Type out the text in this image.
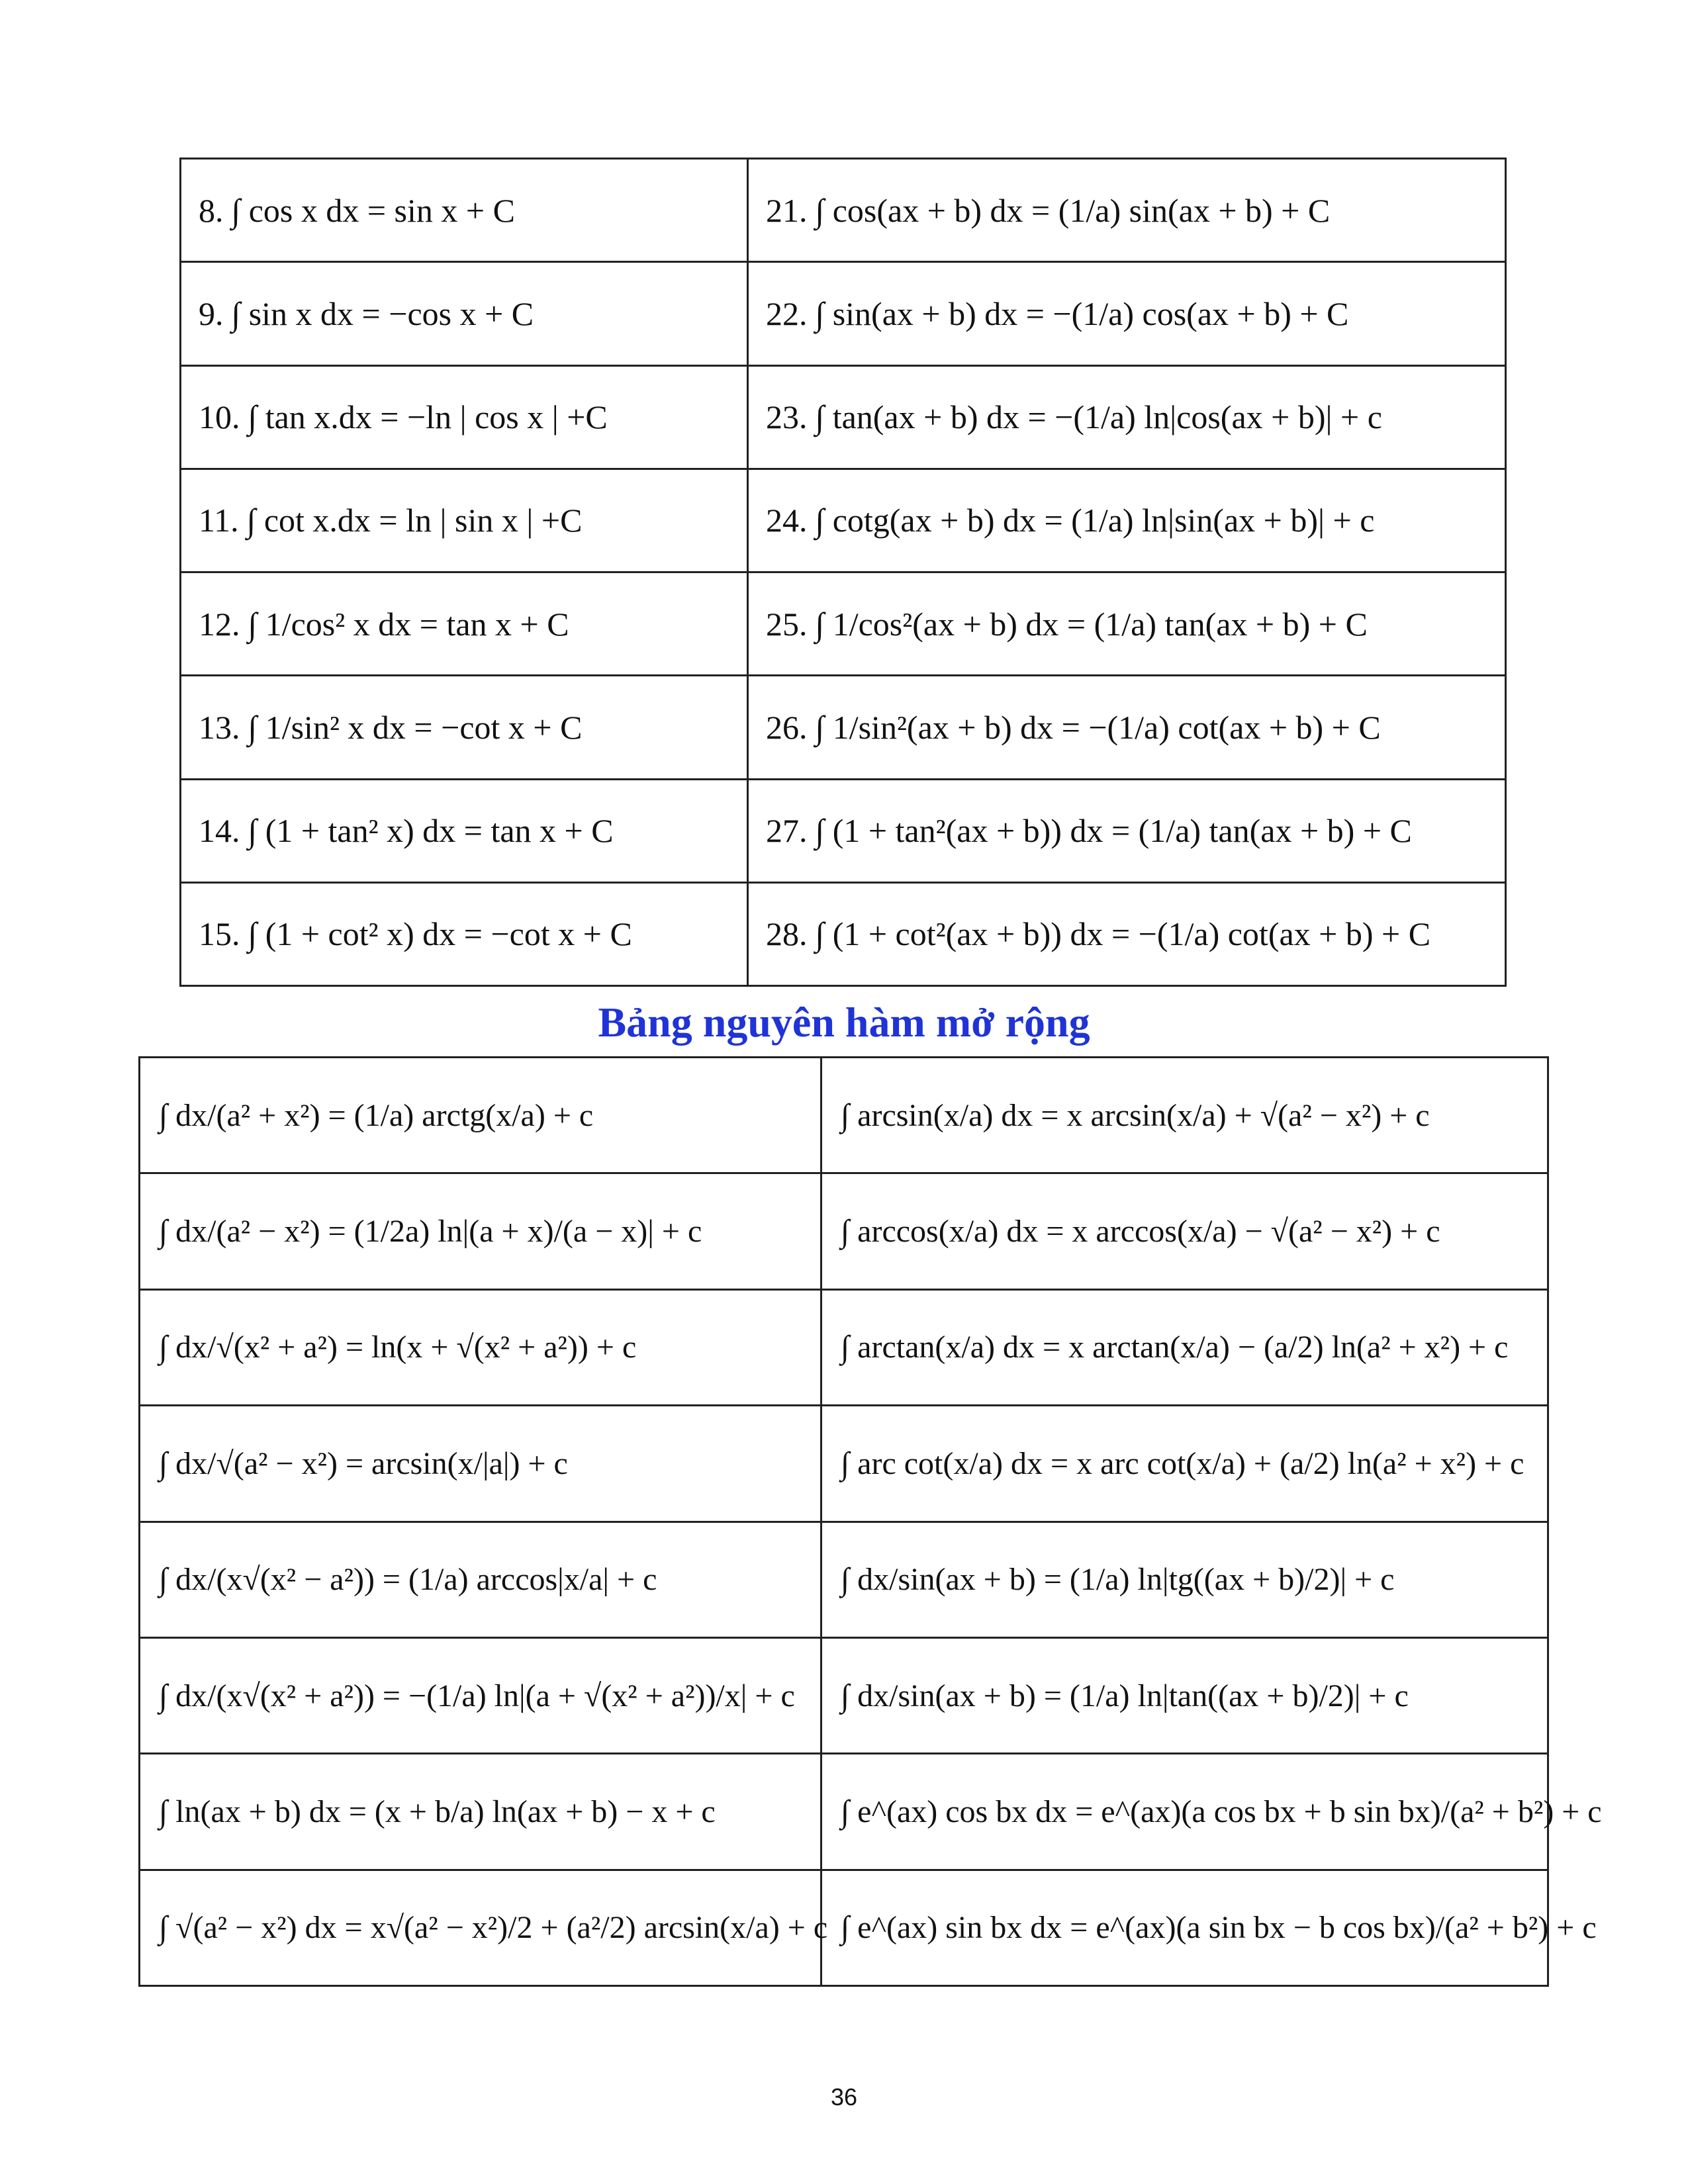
8. ∫ cos x dx = sin x + C	21. ∫ cos(ax + b) dx = (1/a) sin(ax + b) + C
9. ∫ sin x dx = −cos x + C	22. ∫ sin(ax + b) dx = −(1/a) cos(ax + b) + C
10. ∫ tan x.dx = −ln | cos x | +C	23. ∫ tan(ax + b) dx = −(1/a) ln|cos(ax + b)| + c
11. ∫ cot x.dx = ln | sin x | +C	24. ∫ cotg(ax + b) dx = (1/a) ln|sin(ax + b)| + c
12. ∫ 1/cos² x dx = tan x + C	25. ∫ 1/cos²(ax + b) dx = (1/a) tan(ax + b) + C
13. ∫ 1/sin² x dx = −cot x + C	26. ∫ 1/sin²(ax + b) dx = −(1/a) cot(ax + b) + C
14. ∫ (1 + tan² x) dx = tan x + C	27. ∫ (1 + tan²(ax + b)) dx = (1/a) tan(ax + b) + C
15. ∫ (1 + cot² x) dx = −cot x + C	28. ∫ (1 + cot²(ax + b)) dx = −(1/a) cot(ax + b) + C
Bảng nguyên hàm mở rộng
∫ dx/(a² + x²) = (1/a) arctg(x/a) + c	∫ arcsin(x/a) dx = x arcsin(x/a) + √(a² − x²) + c
∫ dx/(a² − x²) = (1/2a) ln|(a + x)/(a − x)| + c	∫ arccos(x/a) dx = x arccos(x/a) − √(a² − x²) + c
∫ dx/√(x² + a²) = ln(x + √(x² + a²)) + c	∫ arctan(x/a) dx = x arctan(x/a) − (a/2) ln(a² + x²) + c
∫ dx/√(a² − x²) = arcsin(x/|a|) + c	∫ arc cot(x/a) dx = x arc cot(x/a) + (a/2) ln(a² + x²) + c
∫ dx/(x√(x² − a²)) = (1/a) arccos|x/a| + c	∫ dx/sin(ax + b) = (1/a) ln|tg((ax + b)/2)| + c
∫ dx/(x√(x² + a²)) = −(1/a) ln|(a + √(x² + a²))/x| + c	∫ dx/sin(ax + b) = (1/a) ln|tan((ax + b)/2)| + c
∫ ln(ax + b) dx = (x + b/a) ln(ax + b) − x + c	∫ e^(ax) cos bx dx = e^(ax)(a cos bx + b sin bx)/(a² + b²) + c
∫ √(a² − x²) dx = x√(a² − x²)/2 + (a²/2) arcsin(x/a) + c	∫ e^(ax) sin bx dx = e^(ax)(a sin bx − b cos bx)/(a² + b²) + c
36
